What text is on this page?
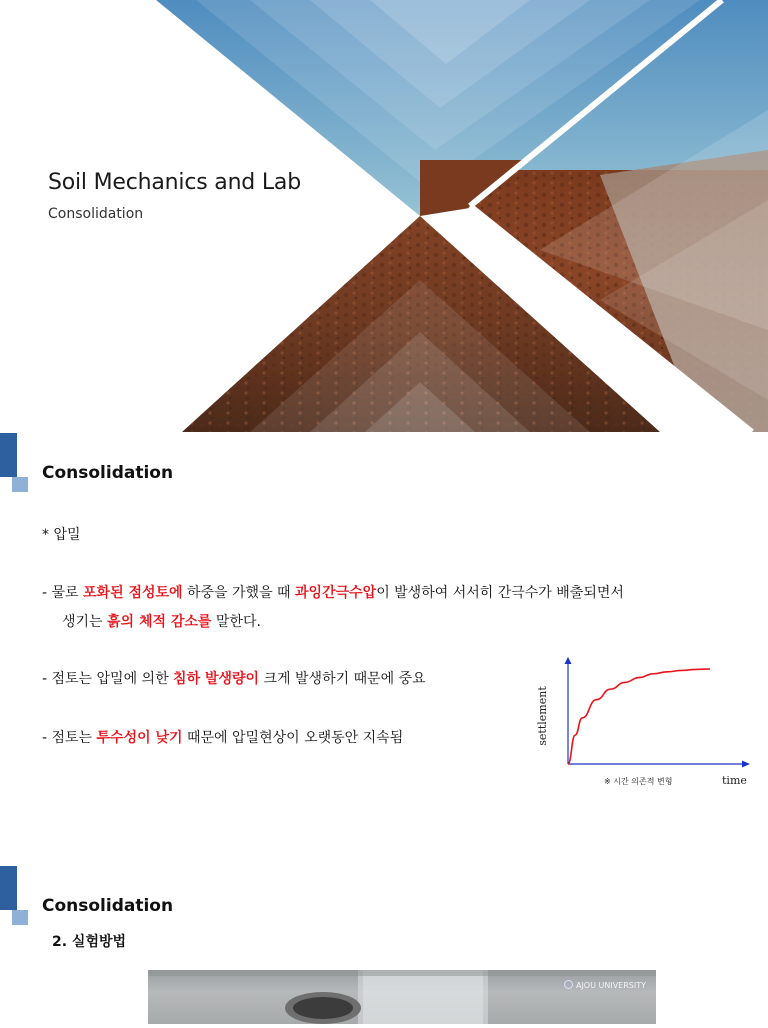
Soil Mechanics and Lab
Consolidation
Consolidation
* 압밀
- 물로 포화된 점성토에 하중을 가했을 때 과잉간극수압이 발생하여 서서히 간극수가 배출되면서
생기는 흙의 체적 감소를 말한다.
- 점토는 압밀에 의한 침하 발생량이 크게 발생하기 때문에 중요
- 점토는 투수성이 낮기 때문에 압밀현상이 오랫동안 지속됨	settlement
time
※ 시간 의존적 변형
Consolidation
2. 실험방법
AJOU UNIVERSITY
